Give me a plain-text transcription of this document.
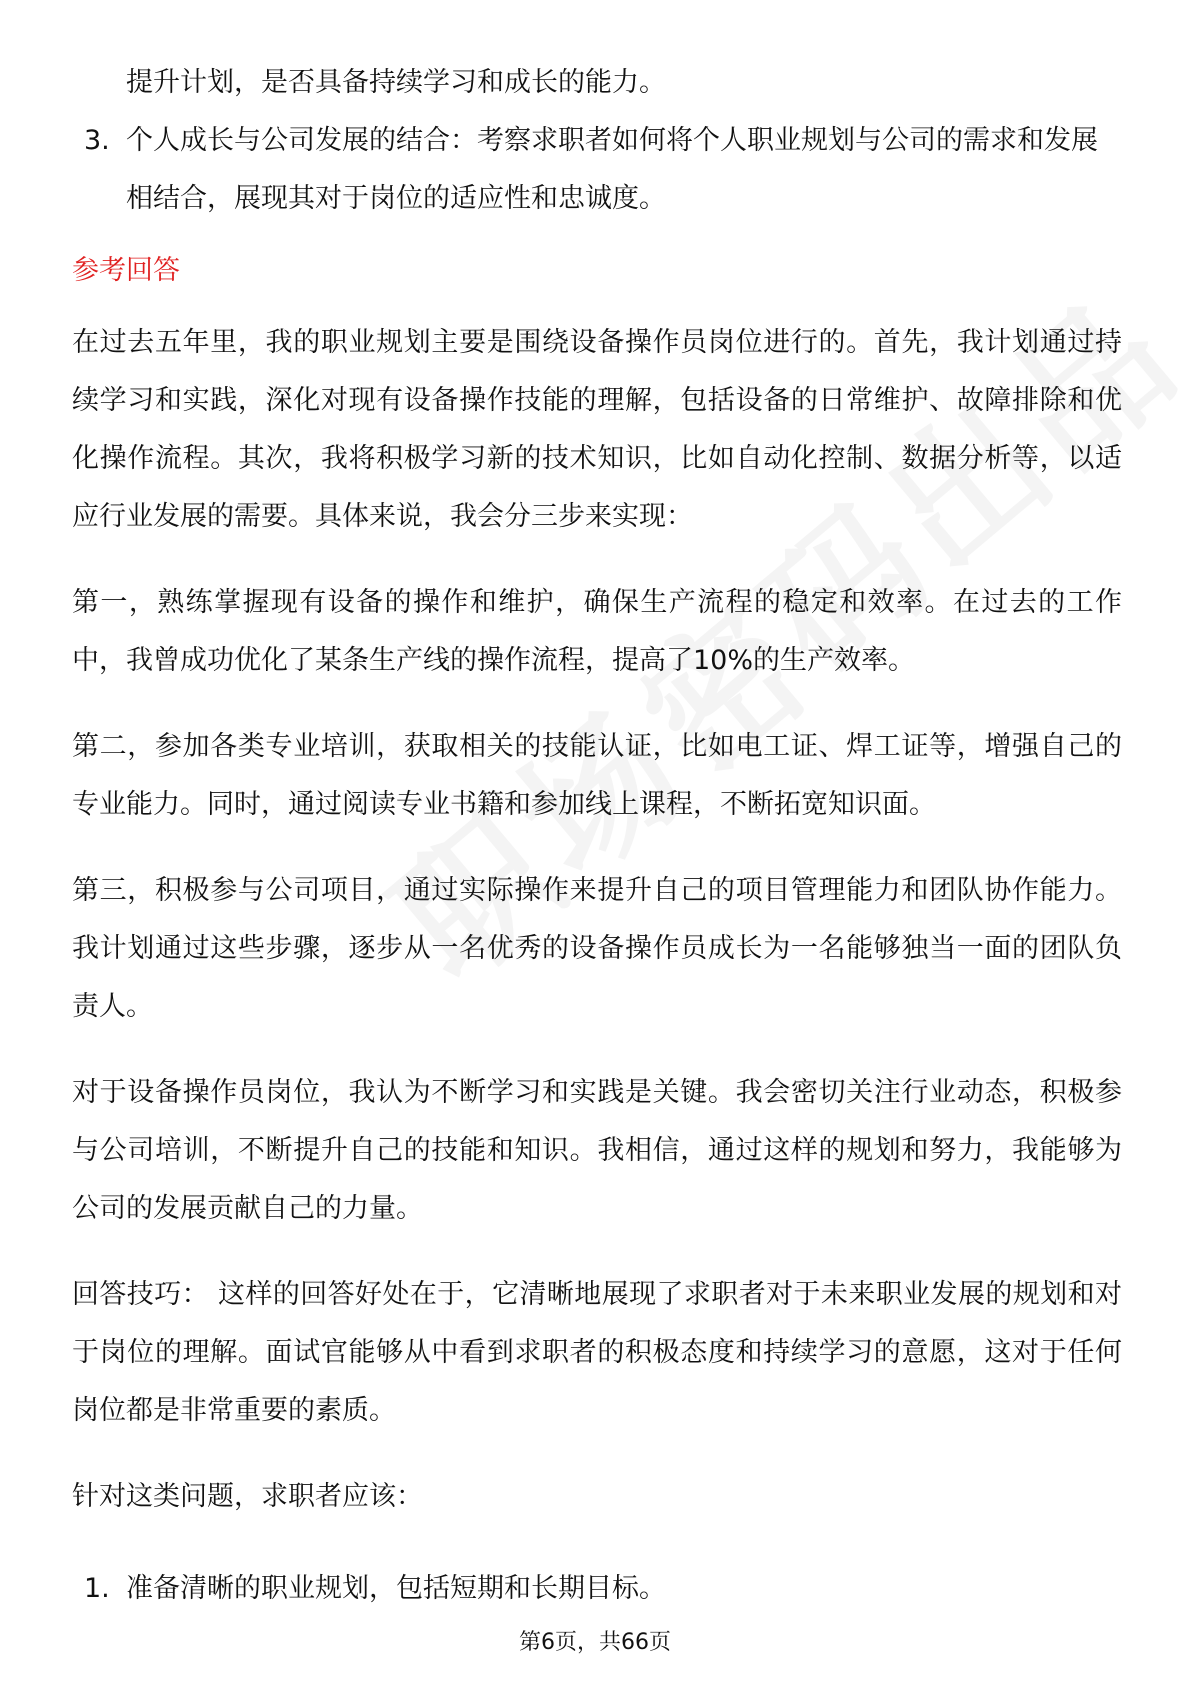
提升计划，是否具备持续学习和成长的能力。

3. 个人成长与公司发展的结合：考察求职者如何将个人职业规划与公司的需求和发展相结合，展现其对于岗位的适应性和忠诚度。
参考回答

在过去五年里，我的职业规划主要是围绕设备操作员岗位进行的。首先，我计划通过持续学习和实践，深化对现有设备操作技能的理解，包括设备的日常维护、故障排除和优化操作流程。其次，我将积极学习新的技术知识，比如自动化控制、数据分析等，以适应行业发展的需要。具体来说，我会分三步来实现：

第一，熟练掌握现有设备的操作和维护，确保生产流程的稳定和效率。在过去的工作中，我曾成功优化了某条生产线的操作流程，提高了10%的生产效率。

第二，参加各类专业培训，获取相关的技能认证，比如电工证、焊工证等，增强自己的专业能力。同时，通过阅读专业书籍和参加线上课程，不断拓宽知识面。

第三，积极参与公司项目，通过实际操作来提升自己的项目管理能力和团队协作能力。我计划通过这些步骤，逐步从一名优秀的设备操作员成长为一名能够独当一面的团队负责人。

对于设备操作员岗位，我认为不断学习和实践是关键。我会密切关注行业动态，积极参与公司培训，不断提升自己的技能和知识。我相信，通过这样的规划和努力，我能够为公司的发展贡献自己的力量。

回答技巧： 这样的回答好处在于，它清晰地展现了求职者对于未来职业发展的规划和对于岗位的理解。面试官能够从中看到求职者的积极态度和持续学习的意愿，这对于任何岗位都是非常重要的素质。

针对这类问题，求职者应该：

1. 准备清晰的职业规划，包括短期和长期目标。
第6页，共66页
